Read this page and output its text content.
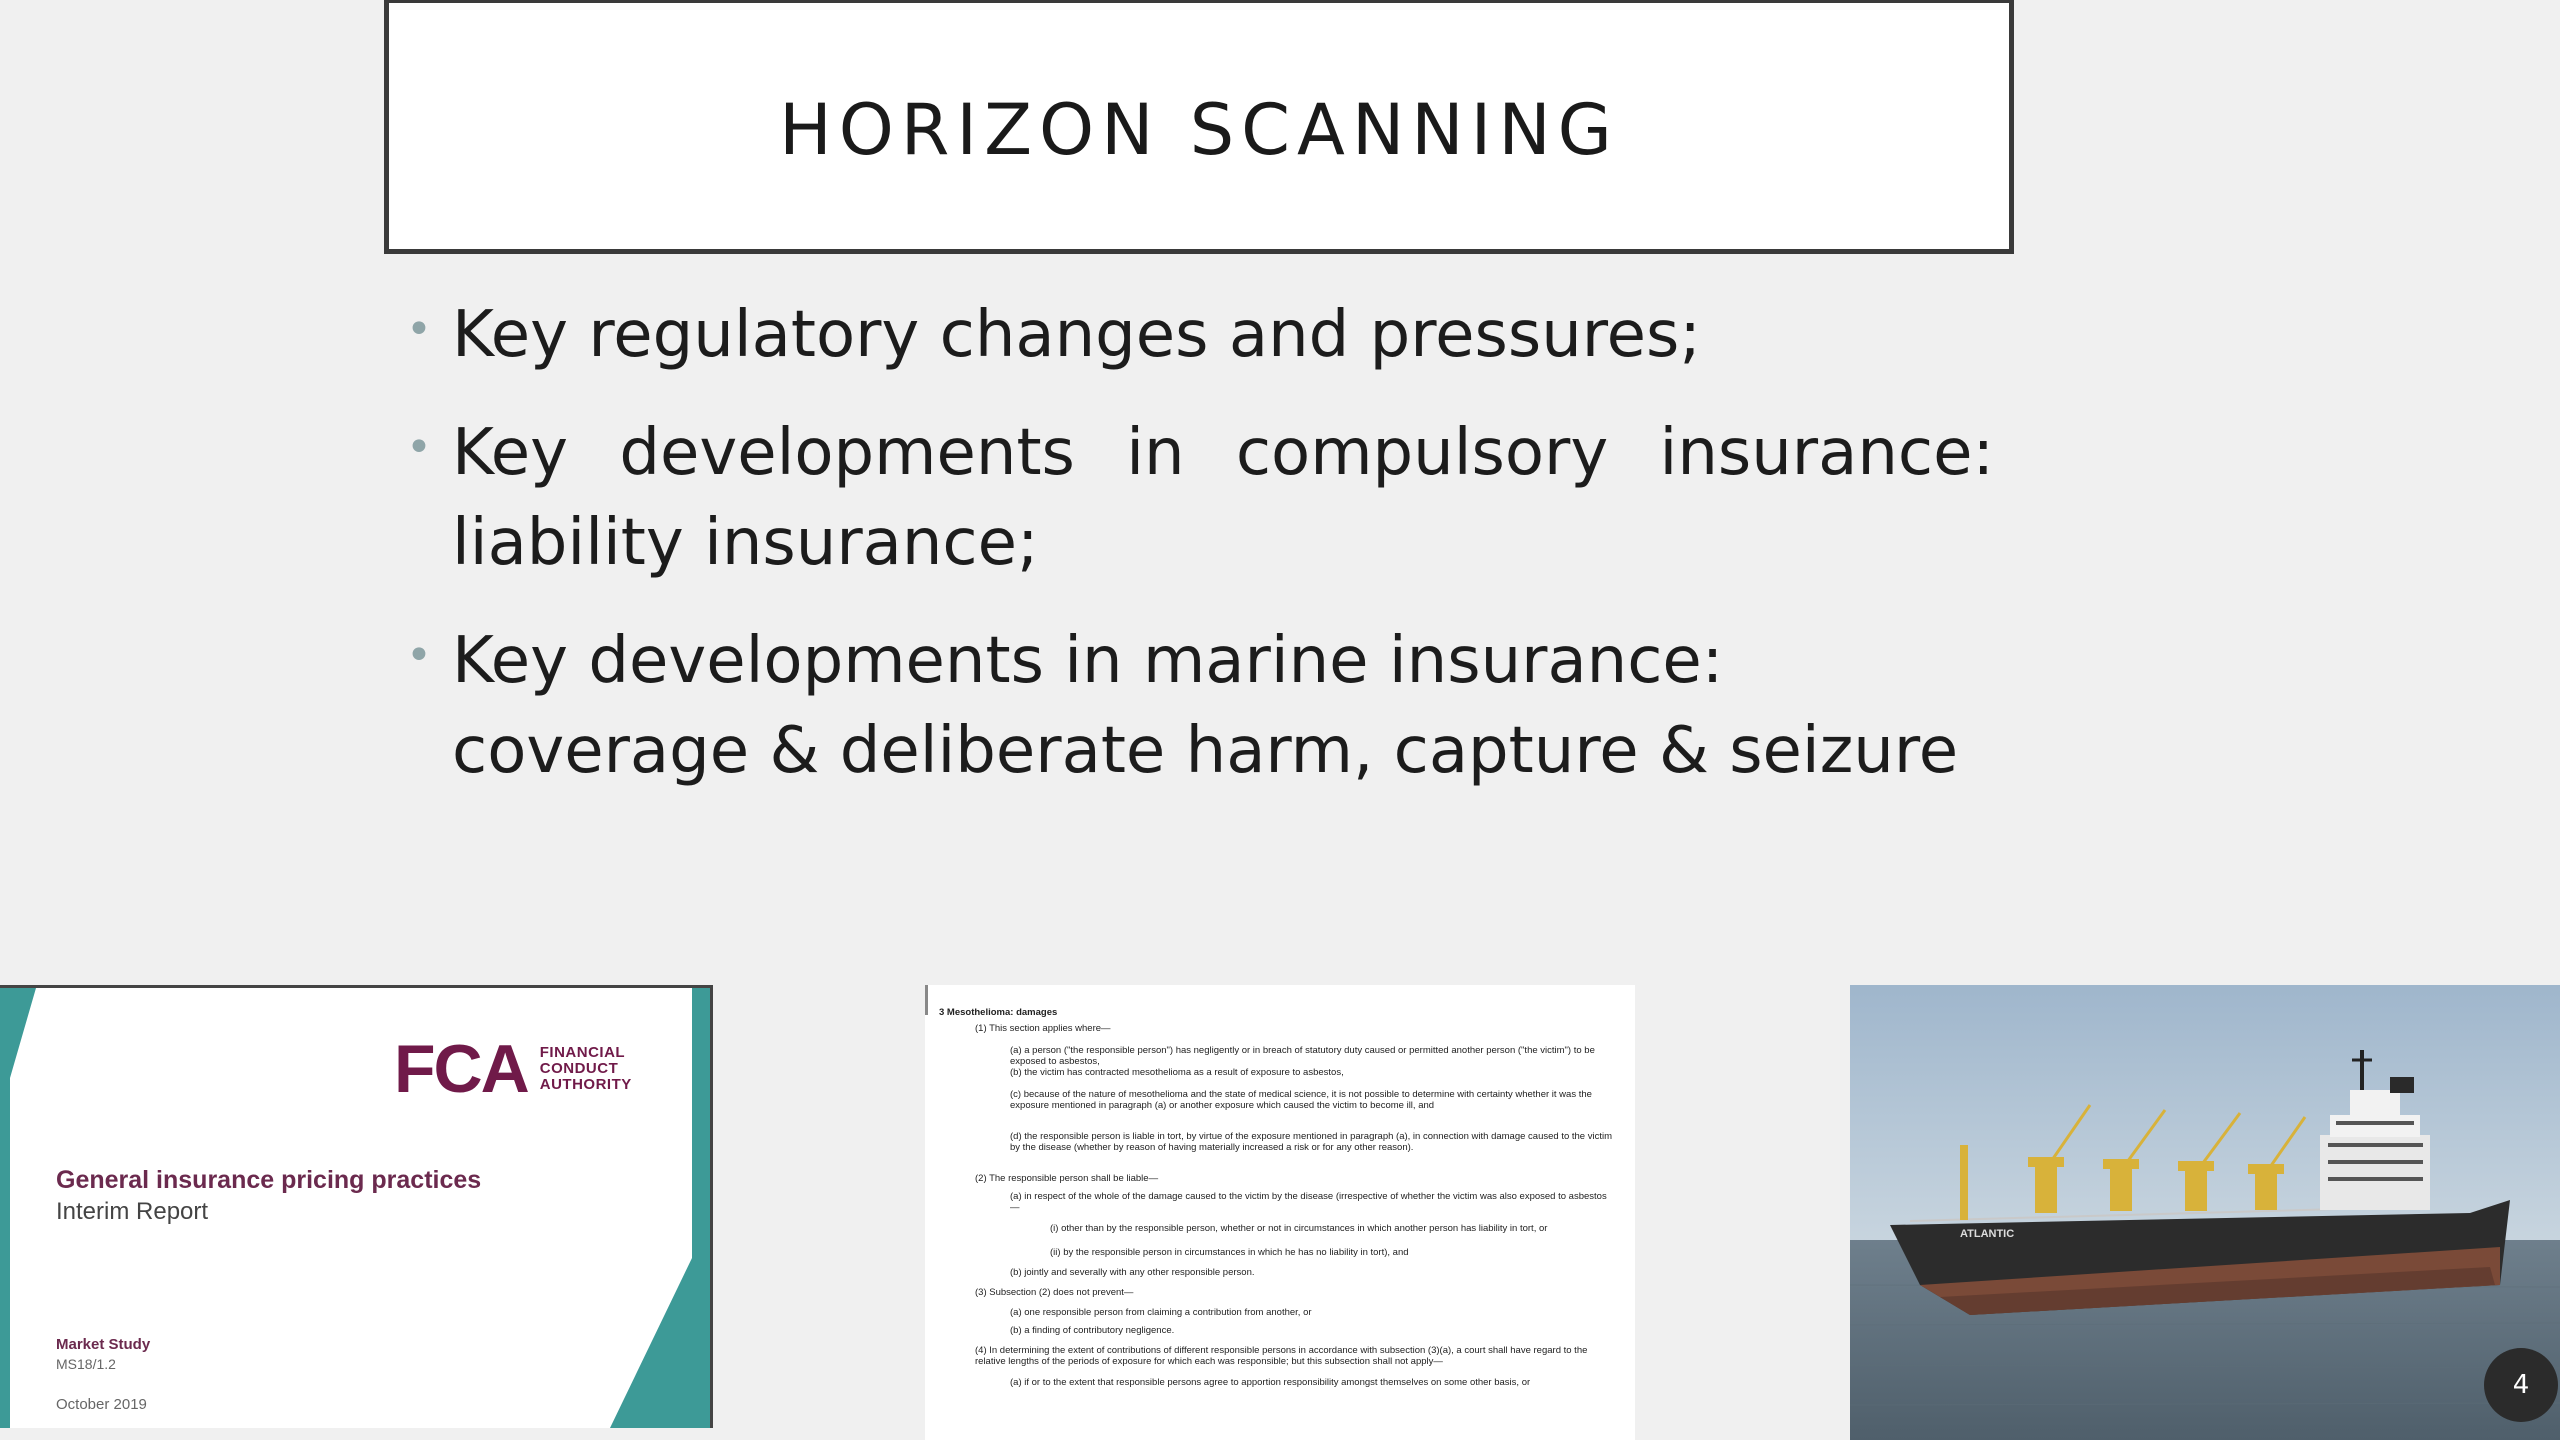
HORIZON SCANNING
• Key regulatory changes and pressures;
• Key developments in compulsory insurance: liability insurance;
• Key developments in marine insurance: coverage & deliberate harm, capture & seizure
FCA FINANCIAL
CONDUCT
AUTHORITY
General insurance pricing practices
Interim Report
Market Study
MS18/1.2
October 2019
3 Mesothelioma: damages
(1) This section applies where—
(a) a person ("the responsible person") has negligently or in breach of statutory duty caused or permitted another person ("the victim") to be exposed to asbestos,
(b) the victim has contracted mesothelioma as a result of exposure to asbestos,
(c) because of the nature of mesothelioma and the state of medical science, it is not possible to determine with certainty whether it was the exposure mentioned in paragraph (a) or another exposure which caused the victim to become ill, and
(d) the responsible person is liable in tort, by virtue of the exposure mentioned in paragraph (a), in connection with damage caused to the victim by the disease (whether by reason of having materially increased a risk or for any other reason).
(2) The responsible person shall be liable—
(a) in respect of the whole of the damage caused to the victim by the disease (irrespective of whether the victim was also exposed to asbestos—
(i) other than by the responsible person, whether or not in circumstances in which another person has liability in tort, or
(ii) by the responsible person in circumstances in which he has no liability in tort), and
(b) jointly and severally with any other responsible person.
(3) Subsection (2) does not prevent—
(a) one responsible person from claiming a contribution from another, or
(b) a finding of contributory negligence.
(4) In determining the extent of contributions of different responsible persons in accordance with subsection (3)(a), a court shall have regard to the relative lengths of the periods of exposure for which each was responsible; but this subsection shall not apply—
(a) if or to the extent that responsible persons agree to apportion responsibility amongst themselves on some other basis, or
ATLANTIC
4
